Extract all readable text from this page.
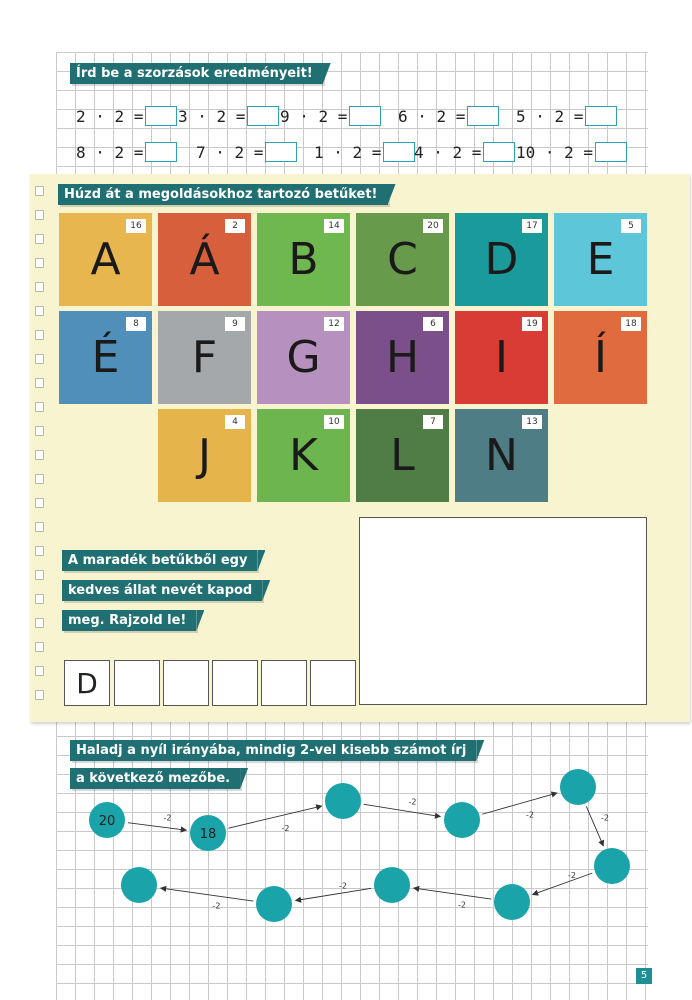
Írd be a szorzások eredményeit!
2 · 2 = 3 · 2 = 9 · 2 =	6 · 2 =	5 · 2 =
8 · 2 =	7 · 2 =	1 · 2 = 4 · 2 = 10 · 2 =
Húzd át a megoldásokhoz tartozó betűket!
A
16
Á
2
B
14
C
20
D
17
E
5
É
8
F
9
G
12
H
6
I
19
Í
18
J
4
K
10
L
7
N
13
A maradék betűkből egy
kedves állat nevét kapod
meg. Rajzold le!
D
Haladj a nyíl irányába, mindig 2-vel kisebb számot írj
a következő mezőbe.
-2
-2
-2
-2	-2
-2
-2
-2
-2
20
18
5
